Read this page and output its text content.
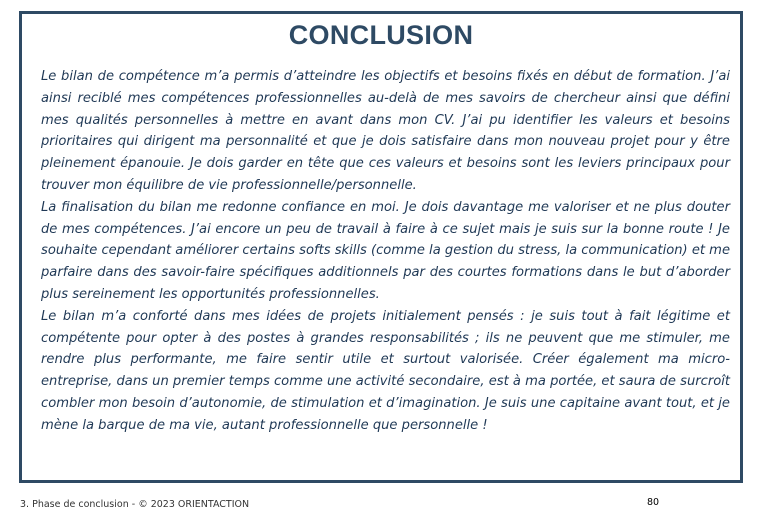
CONCLUSION

Le bilan de compétence m’a permis d’atteindre les objectifs et besoins fixés en début de formation. J’ai ainsi reciblé mes compétences professionnelles au-delà de mes savoirs de chercheur ainsi que défini mes qualités personnelles à mettre en avant dans mon CV. J’ai pu identifier les valeurs et besoins prioritaires qui dirigent ma personnalité et que je dois satisfaire dans mon nouveau projet pour y être pleinement épanouie. Je dois garder en tête que ces valeurs et besoins sont les leviers principaux pour trouver mon équilibre de vie professionnelle/personnelle.

La finalisation du bilan me redonne confiance en moi. Je dois davantage me valoriser et ne plus douter de mes compétences. J’ai encore un peu de travail à faire à ce sujet mais je suis sur la bonne route ! Je souhaite cependant améliorer certains softs skills (comme la gestion du stress, la communication) et me parfaire dans des savoir-faire spécifiques additionnels par des courtes formations dans le but d’aborder plus sereinement les opportunités professionnelles.

Le bilan m’a conforté dans mes idées de projets initialement pensés : je suis tout à fait légitime et compétente pour opter à des postes à grandes responsabilités ; ils ne peuvent que me stimuler, me rendre plus performante, me faire sentir utile et surtout valorisée. Créer également ma micro-entreprise, dans un premier temps comme une activité secondaire, est à ma portée, et saura de surcroît combler mon besoin d’autonomie, de stimulation et d’imagination. Je suis une capitaine avant tout, et je mène la barque de ma vie, autant professionnelle que personnelle !

3. Phase de conclusion - © 2023 ORIENTACTION	80
